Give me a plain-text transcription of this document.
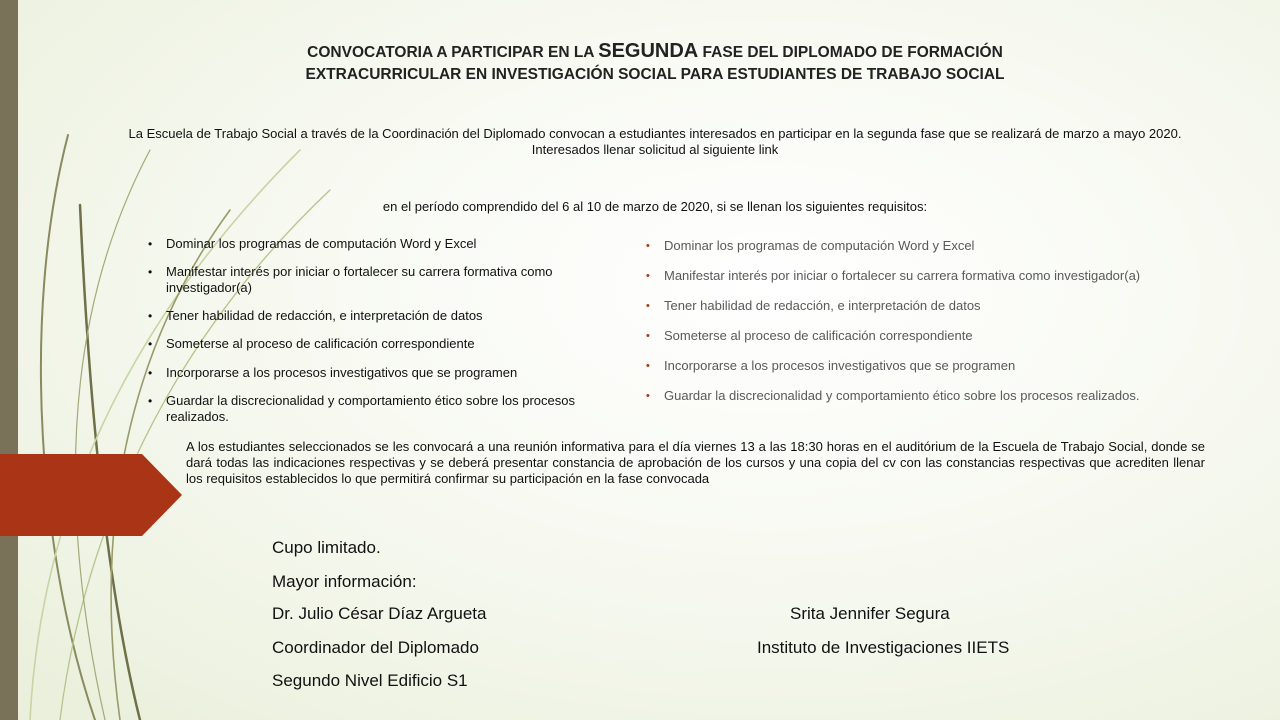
CONVOCATORIA A PARTICIPAR EN LA SEGUNDA FASE DEL DIPLOMADO DE FORMACIÓN
EXTRACURRICULAR EN INVESTIGACIÓN SOCIAL PARA ESTUDIANTES DE TRABAJO SOCIAL
La Escuela de Trabajo Social a través de la Coordinación del Diplomado convocan a estudiantes interesados en participar en la segunda fase que se realizará de marzo a mayo 2020. Interesados llenar solicitud al siguiente link
en el período comprendido del 6 al 10 de marzo de 2020, si se llenan los siguientes requisitos:
• Dominar los programas de computación Word y Excel
• Manifestar interés por iniciar o fortalecer su carrera formativa como investigador(a)
• Tener habilidad de redacción, e interpretación de datos
• Someterse al proceso de calificación correspondiente
• Incorporarse a los procesos investigativos que se programen
• Guardar la discrecionalidad y comportamiento ético sobre los procesos realizados.
• Dominar los programas de computación Word y Excel
• Manifestar interés por iniciar o fortalecer su carrera formativa como investigador(a)
• Tener habilidad de redacción, e interpretación de datos
• Someterse al proceso de calificación correspondiente
• Incorporarse a los procesos investigativos que se programen
• Guardar la discrecionalidad y comportamiento ético sobre los procesos realizados.
A los estudiantes seleccionados se les convocará a una reunión informativa para el día viernes 13 a las 18:30 horas en el auditórium de la Escuela de Trabajo Social, donde se dará todas las indicaciones respectivas y se deberá presentar constancia de aprobación de los cursos y una copia del cv con las constancias respectivas que acrediten llenar los requisitos establecidos lo que permitirá confirmar su participación en la fase convocada
Cupo limitado.
Mayor información:
Dr. Julio César Díaz Argueta
Coordinador del Diplomado
Segundo Nivel Edificio S1
Srita Jennifer Segura
Instituto de Investigaciones IIETS
